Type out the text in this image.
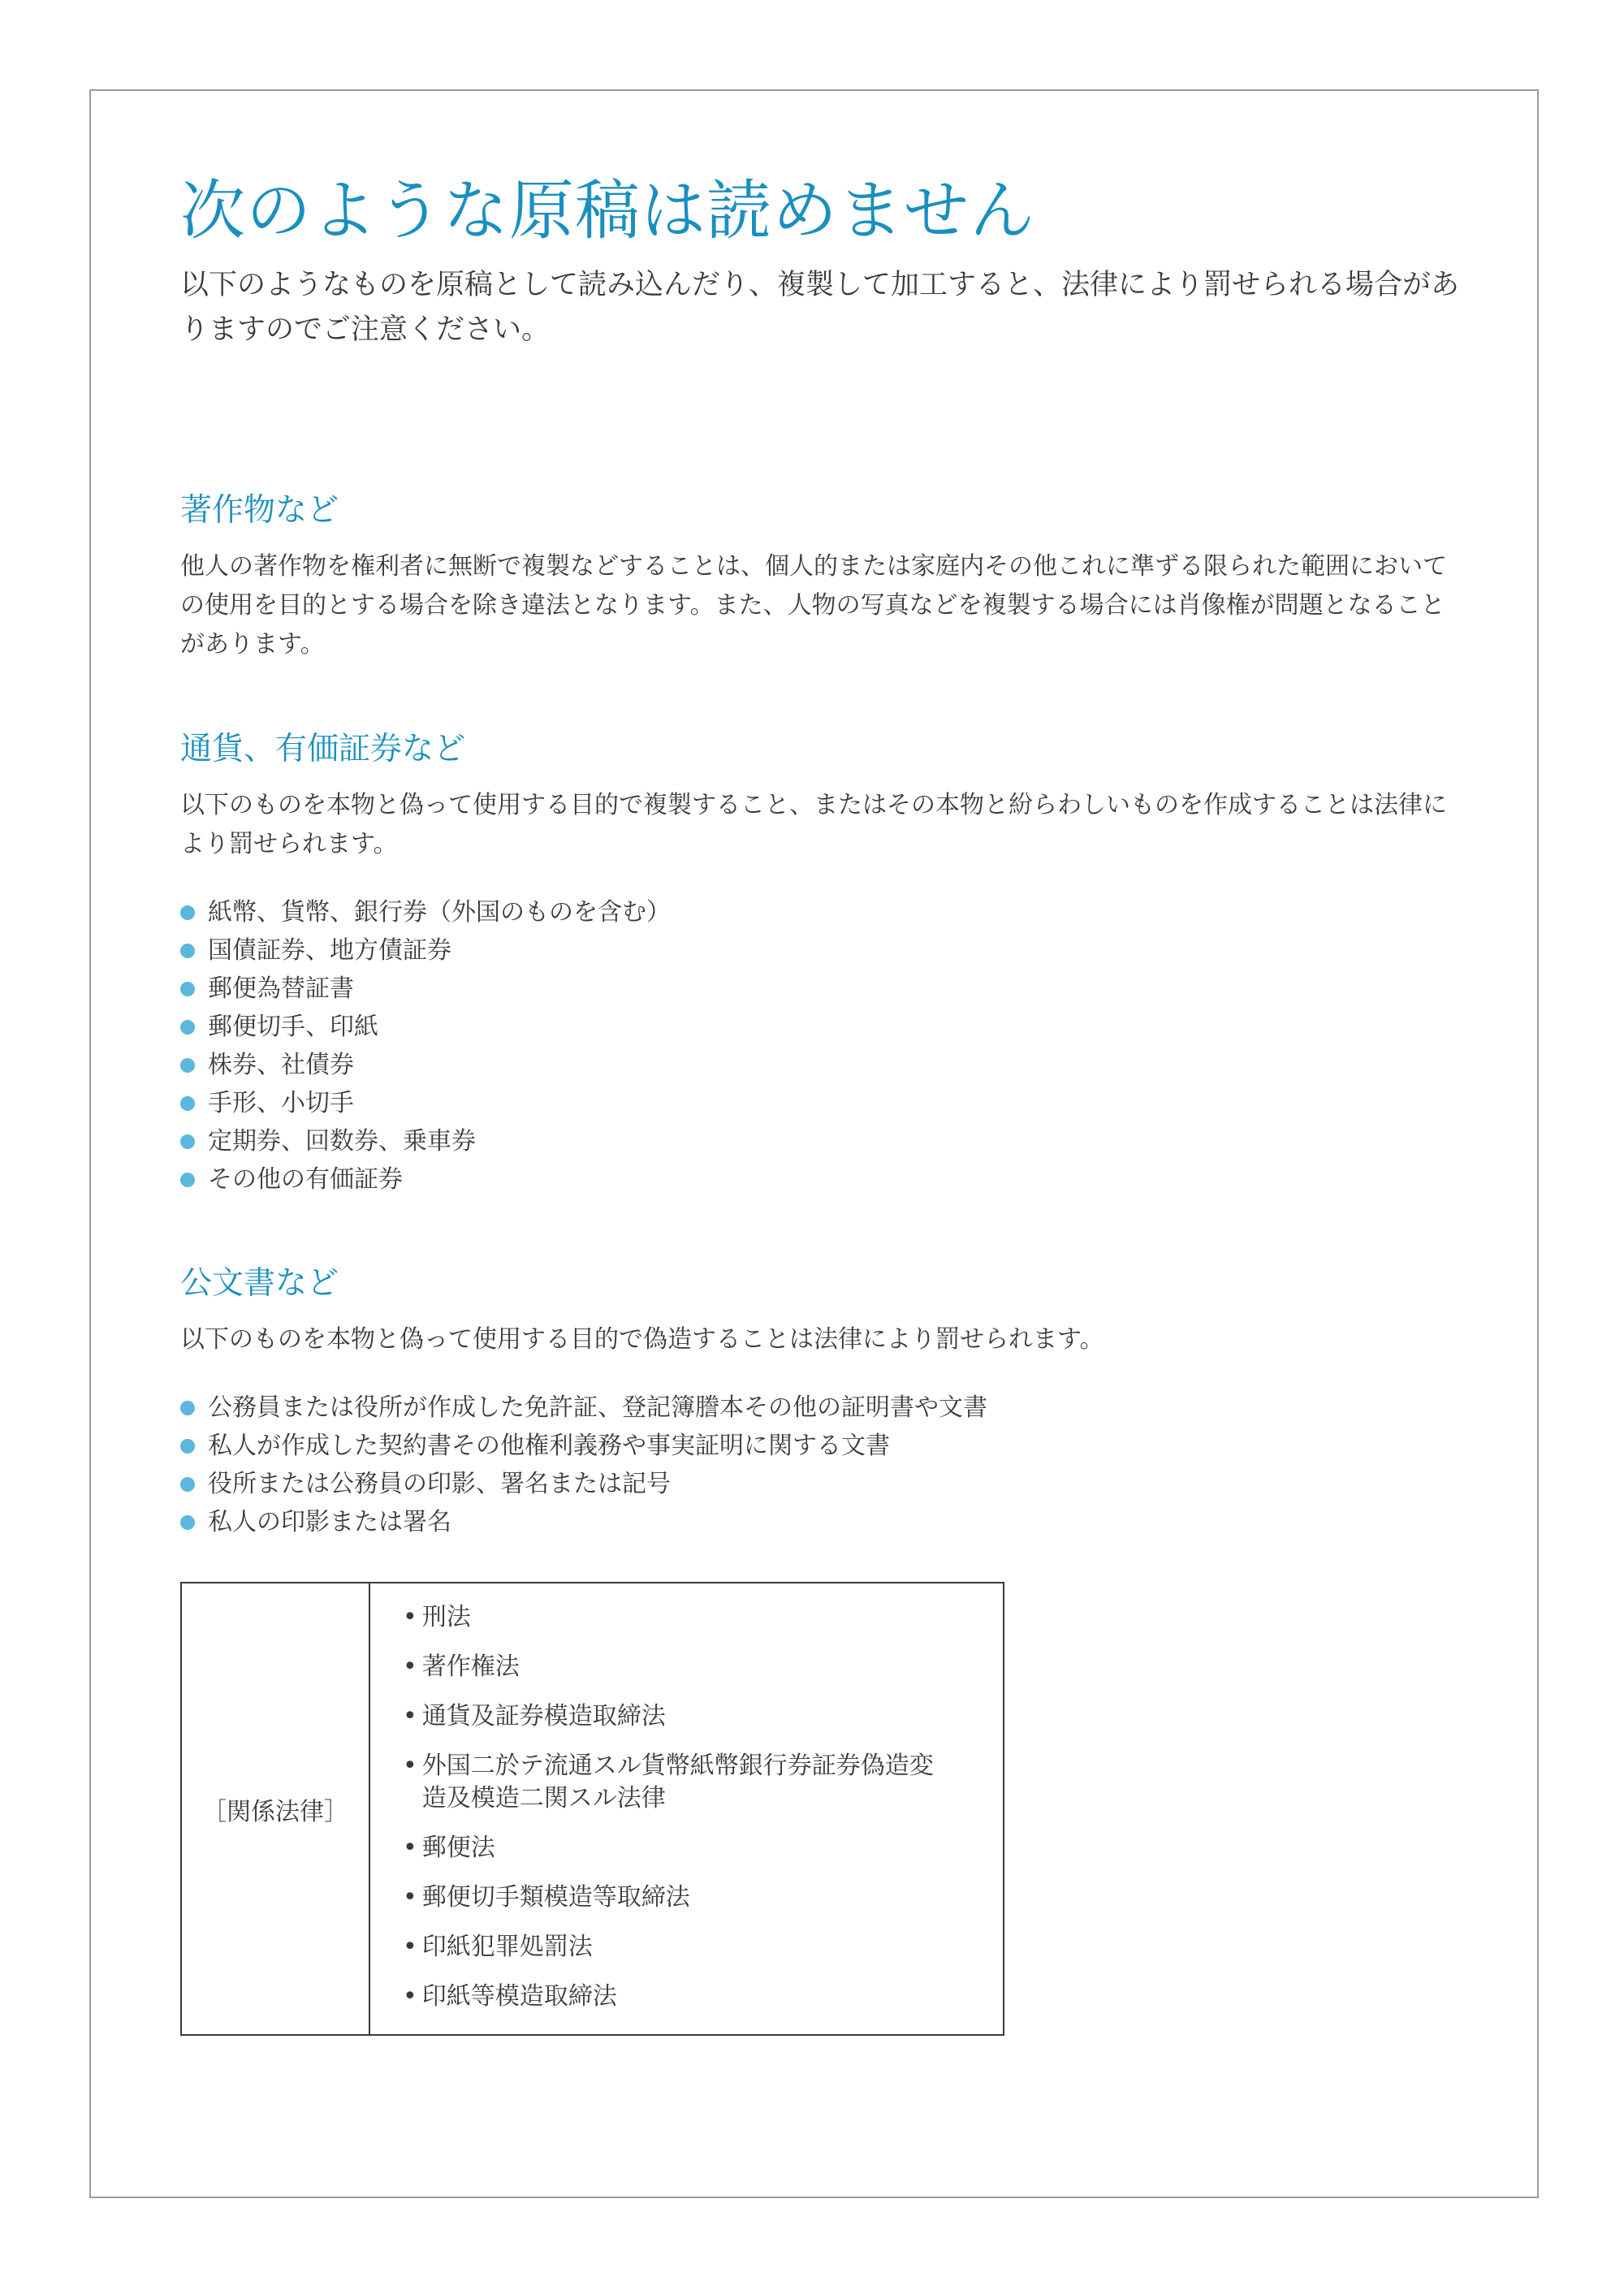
次のような原稿は読めません

以下のようなものを原稿として読み込んだり、複製して加工すると、法律により罰せられる場合がありますのでご注意ください。

著作物など

他人の著作物を権利者に無断で複製などすることは、個人的または家庭内その他これに準ずる限られた範囲においての使用を目的とする場合を除き違法となります。また、人物の写真などを複製する場合には肖像権が問題となることがあります。

通貨、有価証券など

以下のものを本物と偽って使用する目的で複製すること、またはその本物と紛らわしいものを作成することは法律により罰せられます。

紙幣、貨幣、銀行券（外国のものを含む）
国債証券、地方債証券
郵便為替証書
郵便切手、印紙
株券、社債券
手形、小切手
定期券、回数券、乗車券
その他の有価証券
公文書など

以下のものを本物と偽って使用する目的で偽造することは法律により罰せられます。

公務員または役所が作成した免許証、登記簿謄本その他の証明書や文書
私人が作成した契約書その他権利義務や事実証明に関する文書
役所または公務員の印影、署名または記号
私人の印影または署名
［関係法律］
• 刑法
• 著作権法
• 通貨及証券模造取締法
• 外国二於テ流通スル貨幣紙幣銀行券証券偽造変造及模造二関スル法律
• 郵便法
• 郵便切手類模造等取締法
• 印紙犯罪処罰法
• 印紙等模造取締法
